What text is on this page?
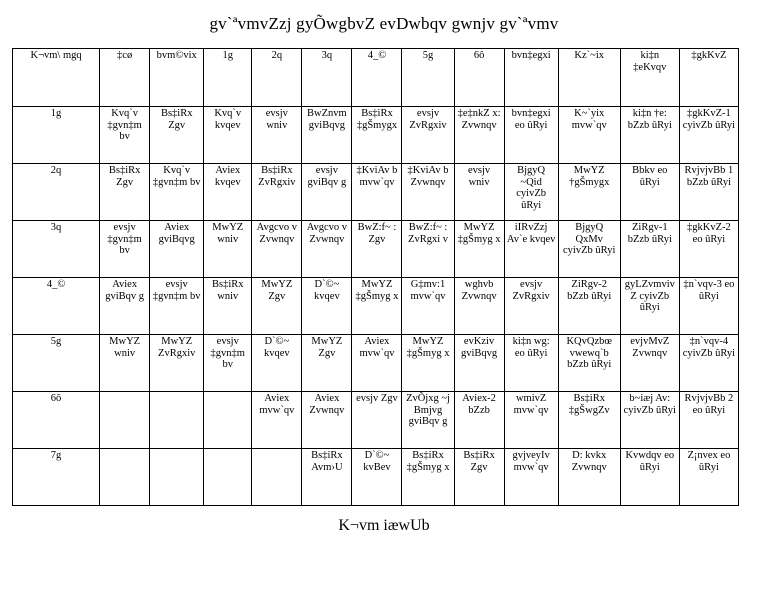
gv`ªvmvZzj gyÕwgbvZ evDwbqv gwnjv gv`ªvmv
K¬vm\ mgq	‡cø	bvm©vix	1g	2q	3q	4_©	5g	6ô	bvn‡egxi	Kz`~ix	ki‡n ‡eKvqv	‡gkKvZ
1g	Kvq`v ‡gvn‡m bv	Bs‡iRx Zgv	Kvq`v kvqev	evsjv wniv	BwZnvm gviBqvg	Bs‡iRx ‡gŠmygx	evsjv ZvRgxiv	‡e‡nkZ x: Zvwnqv	bvn‡egxi eo ûRyi	K~`yix mvw`qv	ki‡n †e: bZzb ûRyi	‡gkKvZ-1 cyivZb ûRyi
2q	Bs‡iRx Zgv	Kvq`v ‡gvn‡m bv	Aviex kvqev	Bs‡iRx ZvRgxiv	evsjv gviBqv g	‡KviAv b mvw`qv	‡KviAv b Zvwnqv	evsjv wniv	BjgyQ ~Qid cyivZb ûRyi	MwYZ †gŠmygx	Bbkv eo ûRyi	RvjvjvBb 1 bZzb ûRyi
3q	evsjv ‡gvn‡m bv	Aviex gviBqvg	MwYZ wniv	Avgcvo v Zvwnqv	Avgcvo v Zvwnqv	BwZ:f~ : Zgv	BwZ:f~ : ZvRgxi v	MwYZ ‡gŠmyg x	iIRvZzj Av`e kvqev	BjgyQ QxMv cyivZb ûRyi	ZiRgv-1 bZzb ûRyi	‡gkKvZ-2 eo ûRyi
4_©	Aviex gviBqv g	evsjv ‡gvn‡m bv	Bs‡iRx wniv	MwYZ Zgv	D`©~ kvqev	MwYZ ‡gŠmyg x	G‡mv:1 mvw`qv	wghvb Zvwnqv	evsjv ZvRgxiv	ZiRgv-2 bZzb ûRyi	gyLZvmviv Z cyivZb ûRyi	‡n`vqv-3 eo ûRyi
5g	MwYZ wniv	MwYZ ZvRgxiv	evsjv ‡gvn‡m bv	D`©~ kvqev	MwYZ Zgv	Aviex mvw`qv	MwYZ ‡gŠmyg x	evKziv gviBqvg	ki‡n wg: eo ûRyi	KQvQzbœ vwewq`b bZzb ûRyi	evjvMvZ Zvwnqv	‡n`vqv-4 cyivZb ûRyi
6ô				Aviex mvw`qv	Aviex Zvwnqv	evsjv Zgv	ZvÕjxg ~j Bmjvg gviBqv g	Aviex-2 bZzb	wmivZ mvw`qv	Bs‡iRx ‡gŠwgZv	b~iæj Av: cyivZb ûRyi	RvjvjvBb 2 eo ûRyi
7g					Bs‡iRx Avm›U	D`©~ kvBev	Bs‡iRx ‡gŠmyg x	Bs‡iRx Zgv	gvjveyIv mvw`qv	D: kvkx Zvwnqv	Kvwdqv eo ûRyi	Z¡nvex eo ûRyi
K¬vm iæwUb
